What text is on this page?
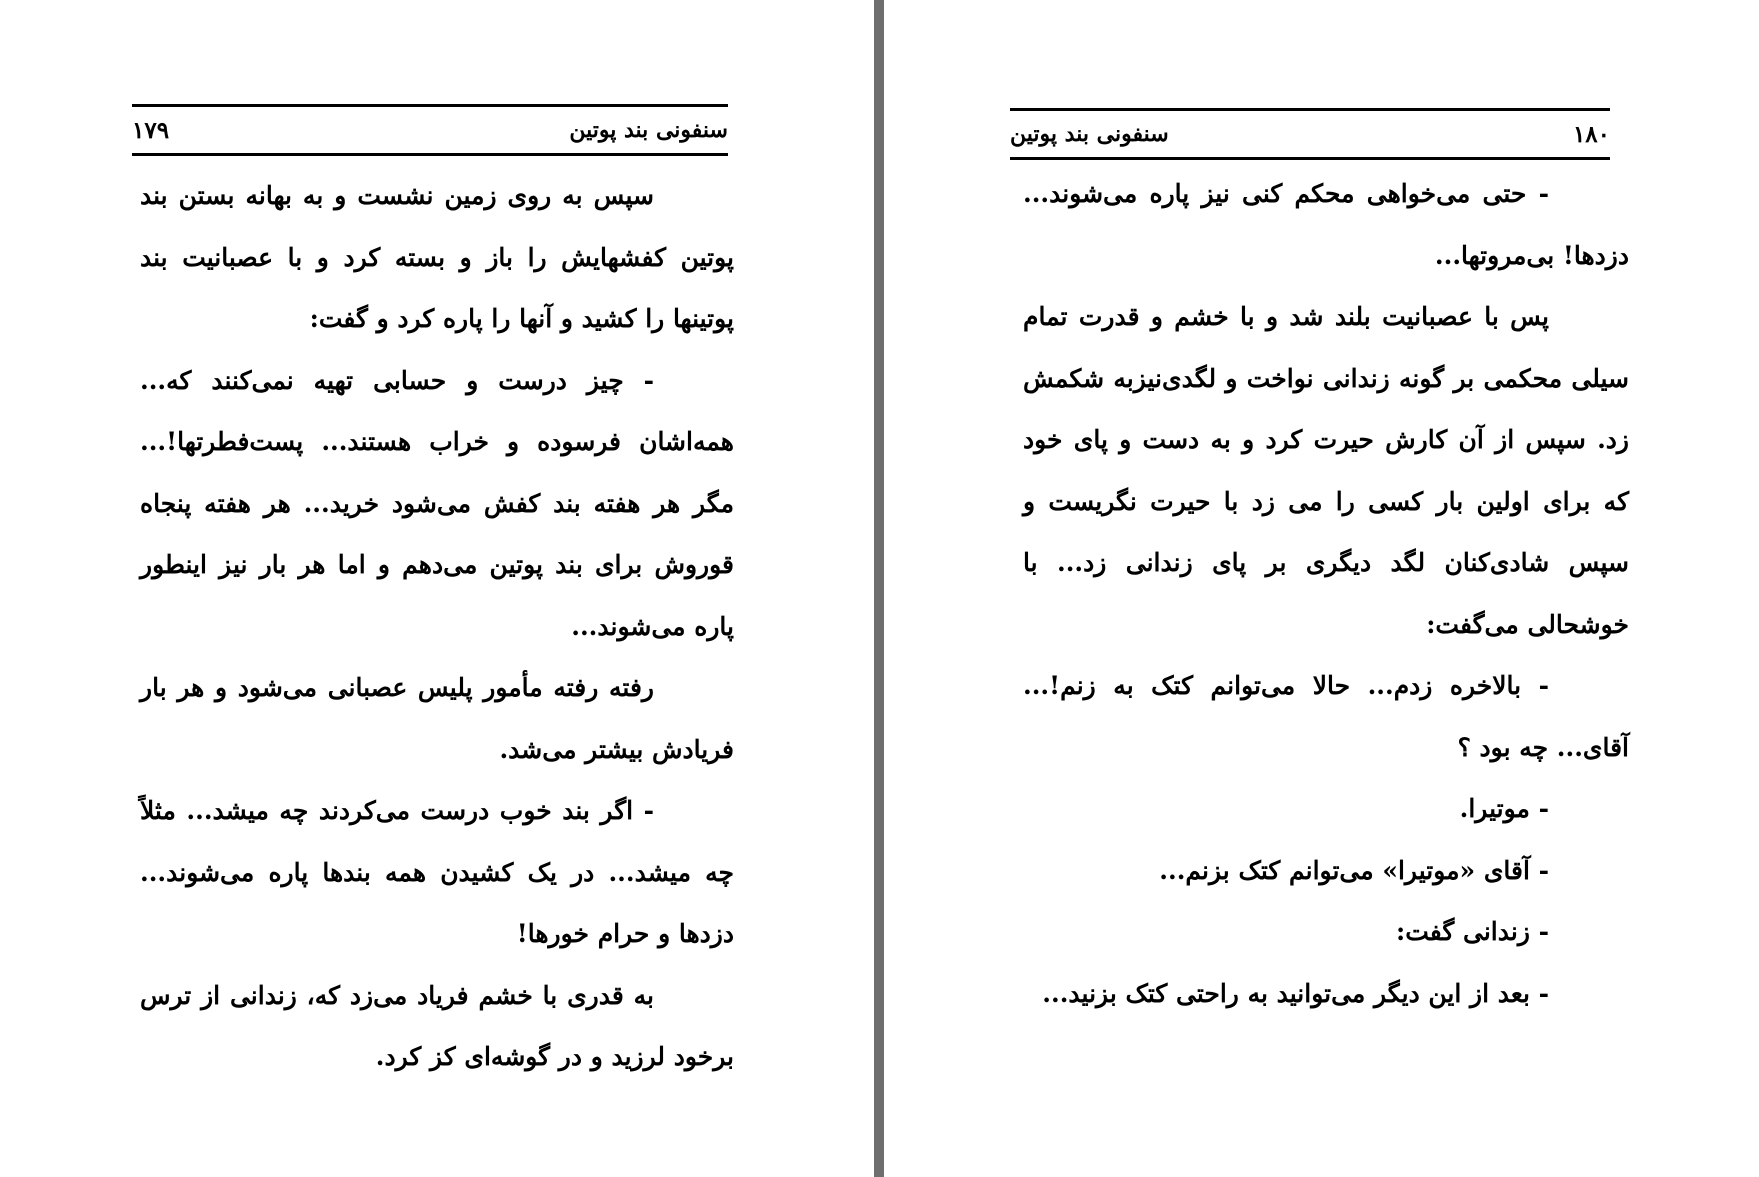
سنفونی بند پوتین
۱۷۹

سپس به روی زمین نشست و به بهانه بستن بند پوتین کفشهایش را باز و بسته کرد و با عصبانیت بند پوتینها را کشید و آنها را پاره کرد و گفت:

- چیز درست و حسابی تهیه نمی‌کنند که... همه‌اشان فرسوده و خراب هستند... پست‌فطرتها!... مگر هر هفته بند کفش می‌شود خرید... هر هفته پنجاه قوروش برای بند پوتین می‌دهم و اما هر بار نیز اینطور پاره می‌شوند...

رفته رفته مأمور پلیس عصبانی می‌شود و هر بار فریادش بیشتر می‌شد.

- اگر بند خوب درست می‌کردند چه میشد... مثلاً چه میشد... در یک کشیدن همه بندها پاره می‌شوند... دزدها و حرام خورها!

به قدری با خشم فریاد می‌زد که، زندانی از ترس برخود لرزید و در گوشه‌ای کز کرد.

۱۸۰
سنفونی بند پوتین

- حتی می‌خواهی محکم کنی نیز پاره می‌شوند... دزدها! بی‌مروتها...

پس با عصبانیت بلند شد و با خشم و قدرت تمام سیلی محکمی بر گونه زندانی نواخت و لگدی‌نیزبه شکمش زد. سپس از آن کارش حیرت کرد و به دست و پای خود که برای اولین بار کسی را می زد با حیرت نگریست و سپس شادی‌کنان لگد دیگری بر پای زندانی زد... با خوشحالی می‌گفت:

- بالاخره زدم... حالا می‌توانم کتک به زنم!... آقای... چه بود ؟

- موتیرا.

- آقای «موتیرا» می‌توانم کتک بزنم...

- زندانی گفت:

- بعد از این دیگر می‌توانید به راحتی کتک بزنید...
